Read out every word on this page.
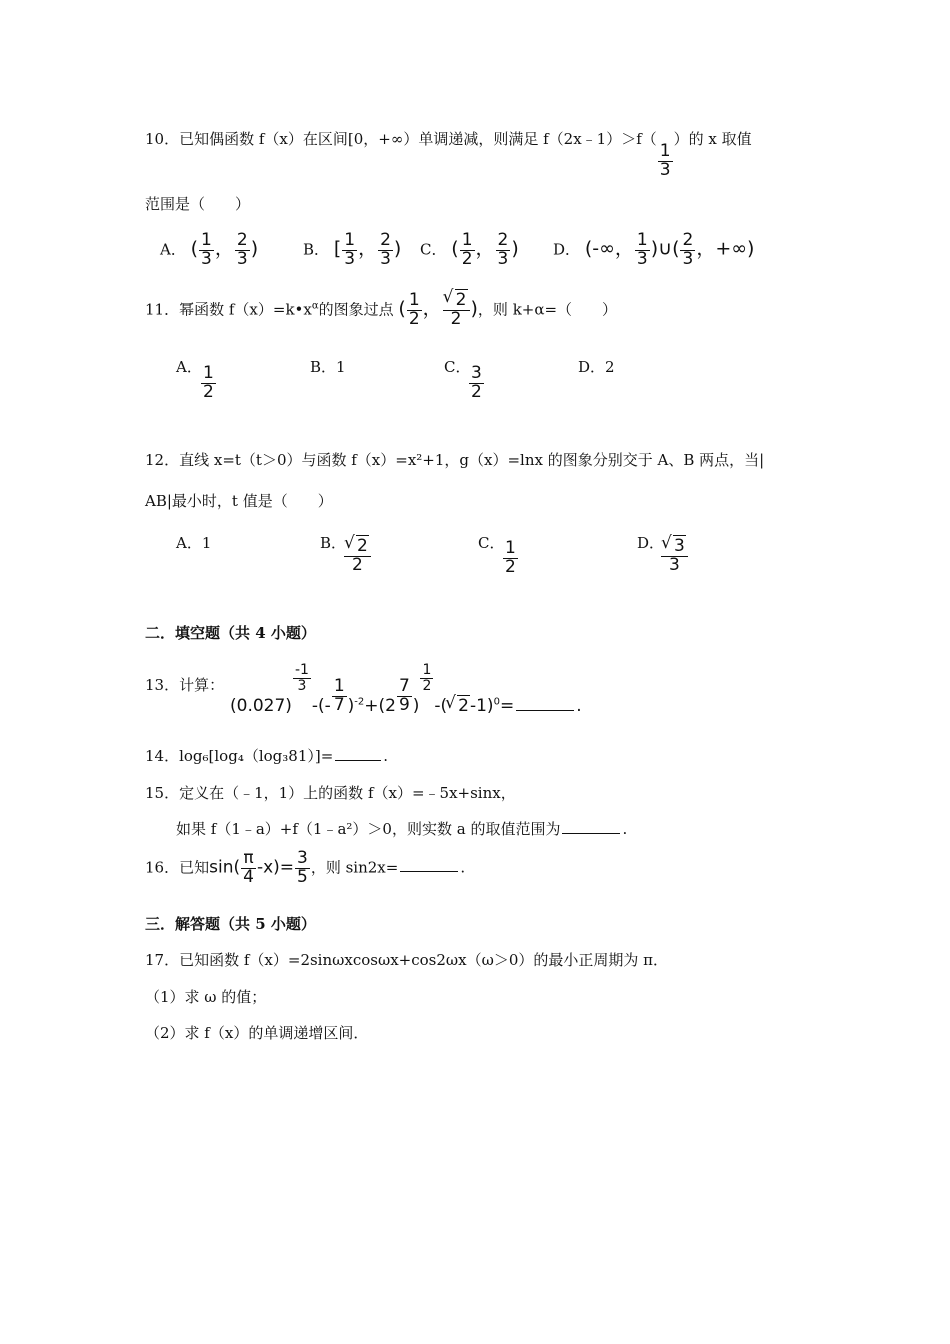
10．已知偶函数 f（x）在区间[0，+∞）单调递减，则满足 f（2x﹣1）＞f（
$\frac{1}{3}$
）的 x 取值
范围是（　　）
A． ( $\frac{1}{3}$ ， $\frac{2}{3}$ )	B． [ $\frac{1}{3}$ ， $\frac{2}{3}$ ) C． ( $\frac{1}{2}$ ， $\frac{2}{3}$ ) D． (-∞， $\frac{1}{3}$ )∪( $\frac{2}{3}$ ，+∞)
11．幂函数 $f(x)=k•x^\alpha$的图象过点 ( $\frac{1}{2}$ ， √ $\frac{2}{2}$ )，则 k+α=（　　）
A． $\frac{1}{2}$	B．1	C．
$\frac{3}{2}$	D．2
12．直线 x=t（t＞0）与函数 f（x）=x²+1，g（x）=lnx 的图象分别交于 A、B 两点，当|
AB|最小时，t 值是（　　）
A．1	B．
√ $\frac{2}{2}$	C．
$\frac{1}{2}$	D．
√ $\frac{3}{3}$
二．填空题（共 4 小题）
13．计算：
(0.027)
$\frac{-1}{3}$
-(- $\frac{1}{7} )^{-2}+(2 \frac{7}{9}$ )
$\frac{1}{2}$
-( √ 2-1)$^0$=	.
14．log₆[log₄（log₃81）]=	.
15．定义在（﹣1，1）上的函数 f（x）=﹣5x+sinx，
如果 f（1﹣a）+f（1﹣a²）＞0，则实数 a 的取值范围为	.
16．已知$\sin( \frac{\pi}{4} -x)= \frac{3}{5}$ ，则 sin2x=	.
三．解答题（共 5 小题）
17．已知函数 f（x）=2sinωxcosωx+cos2ωx（ω＞0）的最小正周期为 π．
（1）求 ω 的值；
（2）求 f（x）的单调递增区间．
